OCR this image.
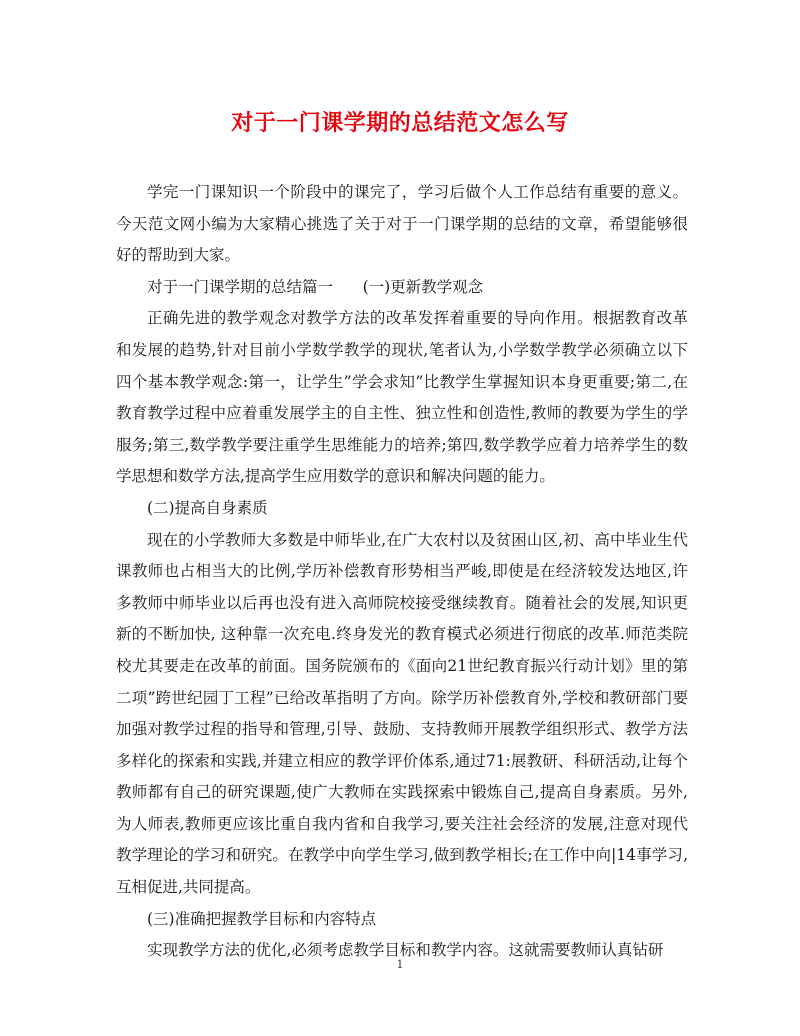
对于一门课学期的总结范文怎么写

学完一门课知识一个阶段中的课完了，学习后做个人工作总结有重要的意义。今天范文网小编为大家精心挑选了关于对于一门课学期的总结的文章，希望能够很好的帮助到大家。

对于一门课学期的总结篇一 (一)更新教学观念

正确先进的教学观念对教学方法的改革发挥着重要的导向作用。根据教育改革和发展的趋势,针对目前小学数学教学的现状,笔者认为,小学数学教学必须确立以下四个基本教学观念:第一，让学生”学会求知”比教学生掌握知识本身更重要;第二,在教育教学过程中应着重发展学主的自主性、独立性和创造性,教师的教要为学生的学服务;第三,数学教学要注重学生思维能力的培养;第四,数学教学应着力培养学生的数学思想和数学方法,提高学生应用数学的意识和解决问题的能力。

(二)提高自身素质

现在的小学教师大多数是中师毕业,在广大农村以及贫困山区,初、高中毕业生代课教师也占相当大的比例,学历补偿教育形势相当严峻,即使是在经济较发达地区,许多教师中师毕业以后再也没有进入高师院校接受继续教育。随着社会的发展,知识更新的不断加快, 这种靠一次充电.终身发光的教育模式必须进行彻底的改革.师范类院校尤其要走在改革的前面。国务院颁布的《面向21世纪教育振兴行动计划》里的第二项”跨世纪园丁工程”已给改革指明了方向。除学历补偿教育外,学校和教研部门要加强对教学过程的指导和管理,引导、鼓励、支持教师开展教学组织形式、教学方法多样化的探索和实践,并建立相应的教学评价体系,通过71:展教研、科研活动,让每个教师都有自己的研究课题,使广大教师在实践探索中锻炼自己,提高自身素质。另外,为人师表,教师更应该比重自我内省和自我学习,要关注社会经济的发展,注意对现代教学理论的学习和研究。在教学中向学生学习,做到教学相长;在工作中向|14事学习,互相促进,共同提高。

(三)准确把握教学目标和内容特点

实现教学方法的优化,必须考虑教学目标和教学内容。这就需要教师认真钻研

1
